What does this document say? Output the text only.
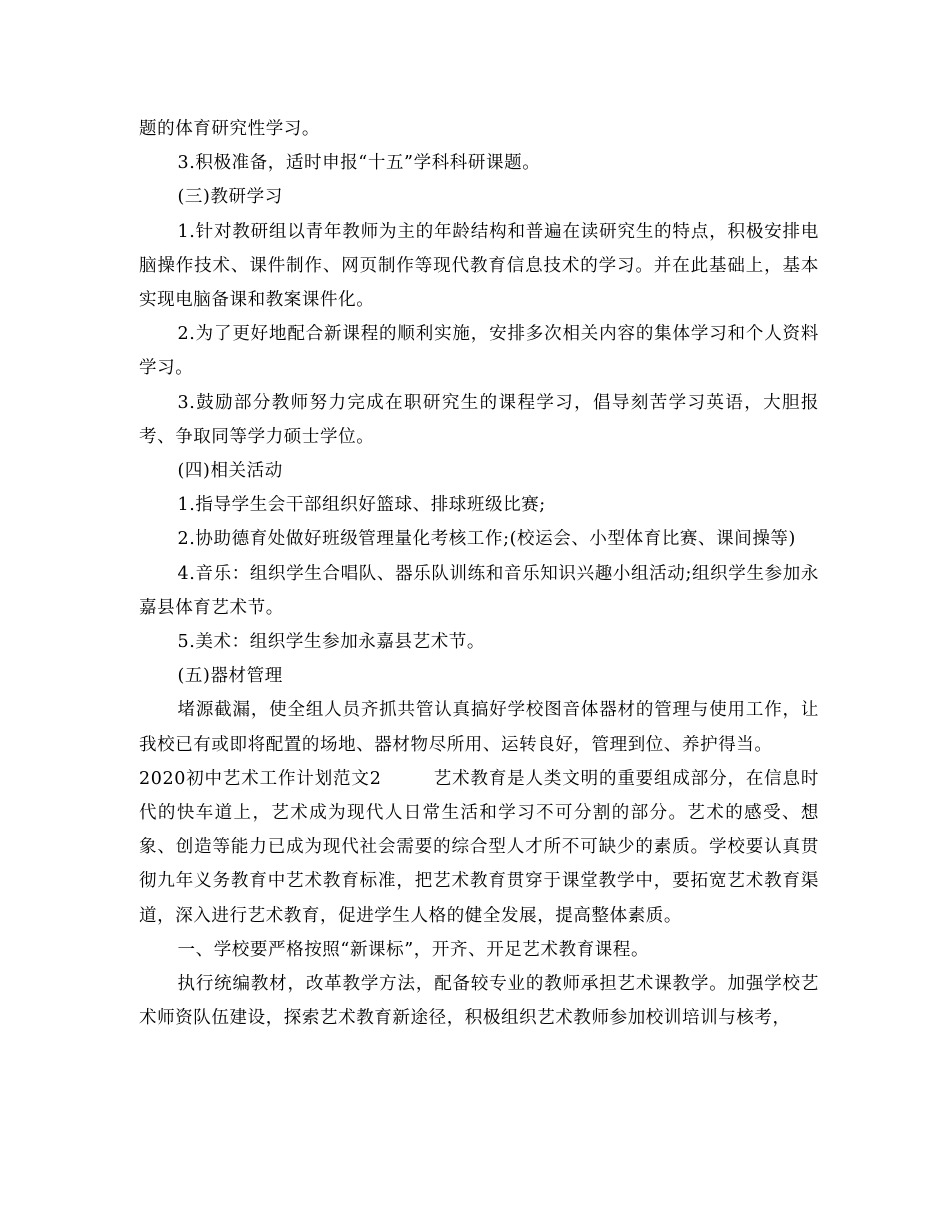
题的体育研究性学习。

3.积极准备，适时申报“十五”学科科研课题。

(三)教研学习

1.针对教研组以青年教师为主的年龄结构和普遍在读研究生的特点，积极安排电脑操作技术、课件制作、网页制作等现代教育信息技术的学习。并在此基础上，基本实现电脑备课和教案课件化。

2.为了更好地配合新课程的顺利实施，安排多次相关内容的集体学习和个人资料学习。

3.鼓励部分教师努力完成在职研究生的课程学习，倡导刻苦学习英语，大胆报考、争取同等学力硕士学位。

(四)相关活动

1.指导学生会干部组织好篮球、排球班级比赛;

2.协助德育处做好班级管理量化考核工作;(校运会、小型体育比赛、课间操等)

4.音乐：组织学生合唱队、器乐队训练和音乐知识兴趣小组活动;组织学生参加永嘉县体育艺术节。

5.美术：组织学生参加永嘉县艺术节。

(五)器材管理

堵源截漏，使全组人员齐抓共管认真搞好学校图音体器材的管理与使用工作，让我校已有或即将配置的场地、器材物尽所用、运转良好，管理到位、养护得当。

2020初中艺术工作计划范文2	艺术教育是人类文明的重要组成部分，在信息时代的快车道上，艺术成为现代人日常生活和学习不可分割的部分。艺术的感受、想象、创造等能力已成为现代社会需要的综合型人才所不可缺少的素质。学校要认真贯彻九年义务教育中艺术教育标准，把艺术教育贯穿于课堂教学中，要拓宽艺术教育渠道，深入进行艺术教育，促进学生人格的健全发展，提高整体素质。

一、学校要严格按照“新课标”，开齐、开足艺术教育课程。

执行统编教材，改革教学方法，配备较专业的教师承担艺术课教学。加强学校艺术师资队伍建设，探索艺术教育新途径，积极组织艺术教师参加校训培训与核考，
